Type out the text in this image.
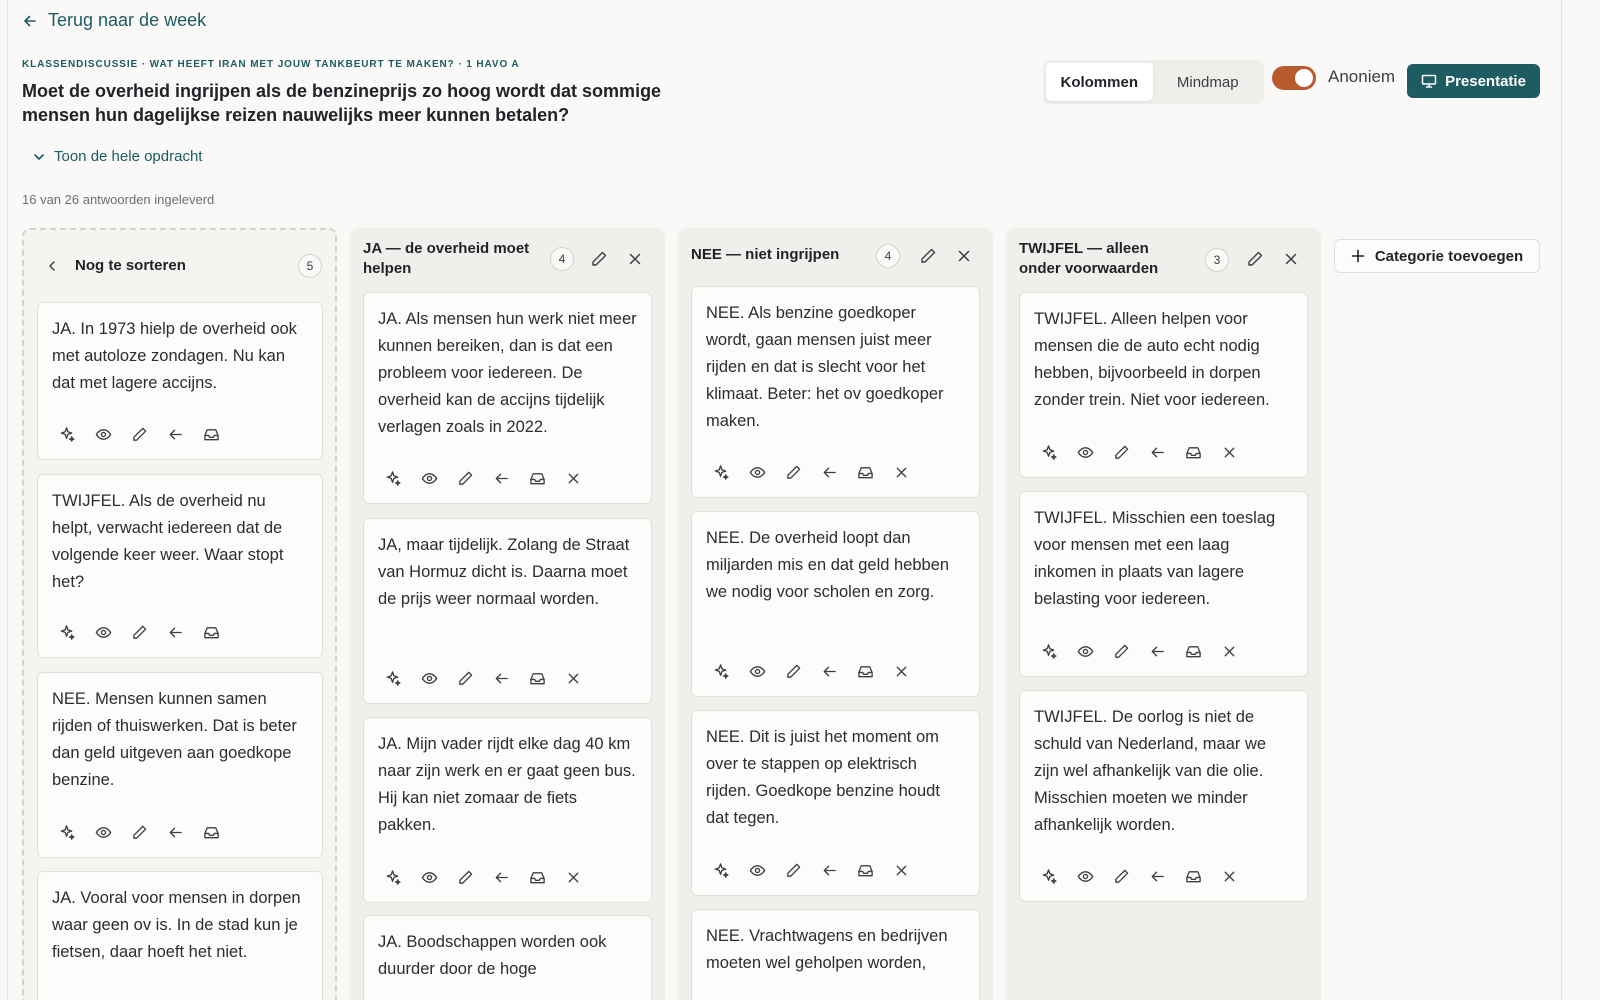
Terug naar de week
KLASSENDISCUSSIE · WAT HEEFT IRAN MET JOUW TANKBEURT TE MAKEN? · 1 HAVO A
Moet de overheid ingrijpen als de benzineprijs zo hoog wordt dat sommige mensen hun dagelijkse reizen nauwelijks meer kunnen betalen?
Toon de hele opdracht
16 van 26 antwoorden ingeleverd
Kolommen	Mindmap	Anoniem	Presentatie
Nog te sorteren	5
JA. In 1973 hielp de overheid ook met autoloze zondagen. Nu kan dat met lagere accijns.
TWIJFEL. Als de overheid nu helpt, verwacht iedereen dat de volgende keer weer. Waar stopt het?
NEE. Mensen kunnen samen rijden of thuiswerken. Dat is beter dan geld uitgeven aan goedkope benzine.
JA. Vooral voor mensen in dorpen waar geen ov is. In de stad kun je fietsen, daar hoeft het niet.
JA — de overheid moet helpen
4
JA. Als mensen hun werk niet meer kunnen bereiken, dan is dat een probleem voor iedereen. De overheid kan de accijns tijdelijk verlagen zoals in 2022.
JA, maar tijdelijk. Zolang de Straat van Hormuz dicht is. Daarna moet de prijs weer normaal worden.
JA. Mijn vader rijdt elke dag 40 km naar zijn werk en er gaat geen bus. Hij kan niet zomaar de fiets pakken.
JA. Boodschappen worden ook duurder door de hoge
NEE — niet ingrijpen	4
NEE. Als benzine goedkoper wordt, gaan mensen juist meer rijden en dat is slecht voor het klimaat. Beter: het ov goedkoper maken.
NEE. De overheid loopt dan miljarden mis en dat geld hebben we nodig voor scholen en zorg.
NEE. Dit is juist het moment om over te stappen op elektrisch rijden. Goedkope benzine houdt dat tegen.
NEE. Vrachtwagens en bedrijven moeten wel geholpen worden,
TWIJFEL — alleen onder voorwaarden	3
TWIJFEL. Alleen helpen voor mensen die de auto echt nodig hebben, bijvoorbeeld in dorpen zonder trein. Niet voor iedereen.
TWIJFEL. Misschien een toeslag voor mensen met een laag inkomen in plaats van lagere belasting voor iedereen.
TWIJFEL. De oorlog is niet de schuld van Nederland, maar we zijn wel afhankelijk van die olie. Misschien moeten we minder afhankelijk worden.
Categorie toevoegen
